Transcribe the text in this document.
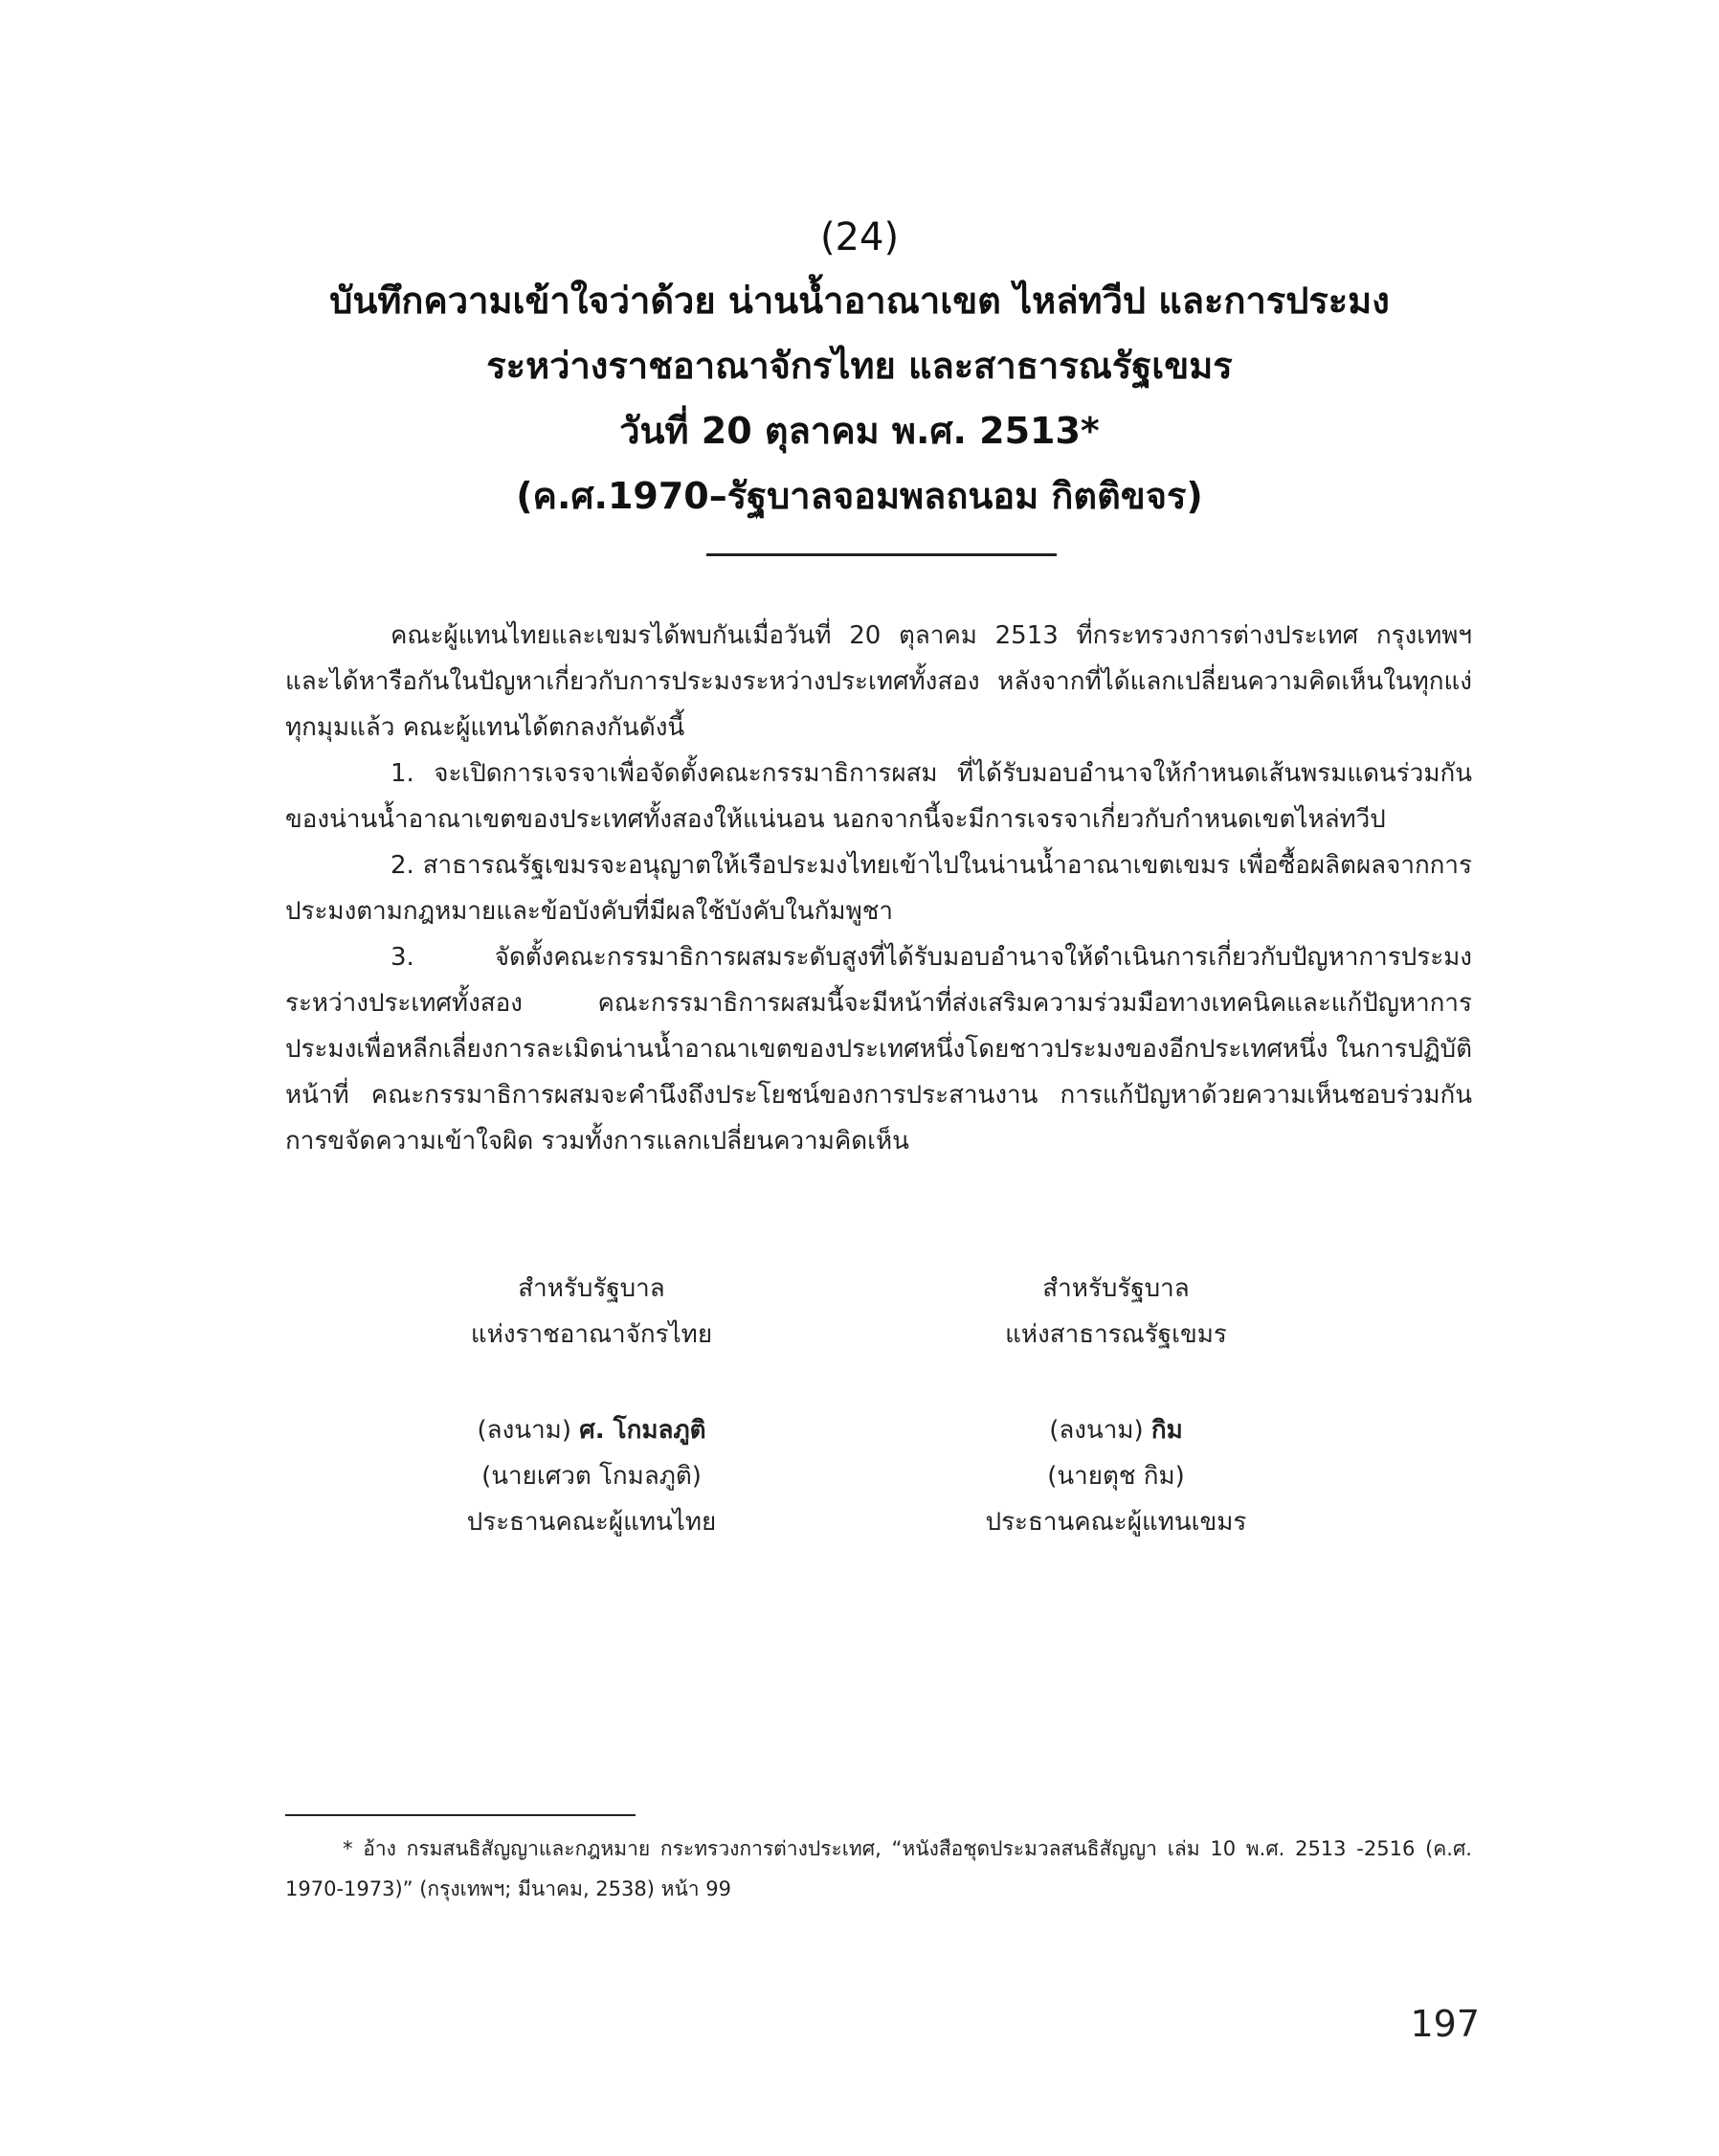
(24)
บันทึกความเข้าใจว่าด้วย น่านน้ำอาณาเขต ไหล่ทวีป และการประมง
ระหว่างราชอาณาจักรไทย และสาธารณรัฐเขมร
วันที่ 20 ตุลาคม พ.ศ. 2513*
(ค.ศ.1970–รัฐบาลจอมพลถนอม กิตติขจร)

คณะผู้แทนไทยและเขมรได้พบกันเมื่อวันที่ 20 ตุลาคม 2513 ที่กระทรวงการต่างประเทศ กรุงเทพฯ และได้หารือกันในปัญหาเกี่ยวกับการประมงระหว่างประเทศทั้งสอง หลังจากที่ได้แลกเปลี่ยนความคิดเห็นในทุกแง่ทุกมุมแล้ว คณะผู้แทนได้ตกลงกันดังนี้

1. จะเปิดการเจรจาเพื่อจัดตั้งคณะกรรมาธิการผสม ที่ได้รับมอบอำนาจให้กำหนดเส้นพรมแดนร่วมกันของน่านน้ำอาณาเขตของประเทศทั้งสองให้แน่นอน นอกจากนี้จะมีการเจรจาเกี่ยวกับกำหนดเขตไหล่ทวีป

2. สาธารณรัฐเขมรจะอนุญาตให้เรือประมงไทยเข้าไปในน่านน้ำอาณาเขตเขมร เพื่อซื้อผลิตผลจากการประมงตามกฎหมายและข้อบังคับที่มีผลใช้บังคับในกัมพูชา

3. จัดตั้งคณะกรรมาธิการผสมระดับสูงที่ได้รับมอบอำนาจให้ดำเนินการเกี่ยวกับปัญหาการประมงระหว่างประเทศทั้งสอง คณะกรรมาธิการผสมนี้จะมีหน้าที่ส่งเสริมความร่วมมือทางเทคนิคและแก้ปัญหาการประมงเพื่อหลีกเลี่ยงการละเมิดน่านน้ำอาณาเขตของประเทศหนึ่งโดยชาวประมงของอีกประเทศหนึ่ง ในการปฏิบัติหน้าที่ คณะกรรมาธิการผสมจะคำนึงถึงประโยชน์ของการประสานงาน การแก้ปัญหาด้วยความเห็นชอบร่วมกัน การขจัดความเข้าใจผิด รวมทั้งการแลกเปลี่ยนความคิดเห็น

สำหรับรัฐบาล
แห่งราชอาณาจักรไทย
(ลงนาม) ศ. โกมลภูติ
(นายเศวต โกมลภูติ)
ประธานคณะผู้แทนไทย
สำหรับรัฐบาล
แห่งสาธารณรัฐเขมร
(ลงนาม) กิม
(นายตุช กิม)
ประธานคณะผู้แทนเขมร
* อ้าง กรมสนธิสัญญาและกฎหมาย กระทรวงการต่างประเทศ, “หนังสือชุดประมวลสนธิสัญญา เล่ม 10 พ.ศ. 2513 -2516 (ค.ศ. 1970-1973)” (กรุงเทพฯ; มีนาคม, 2538) หน้า 99
197
